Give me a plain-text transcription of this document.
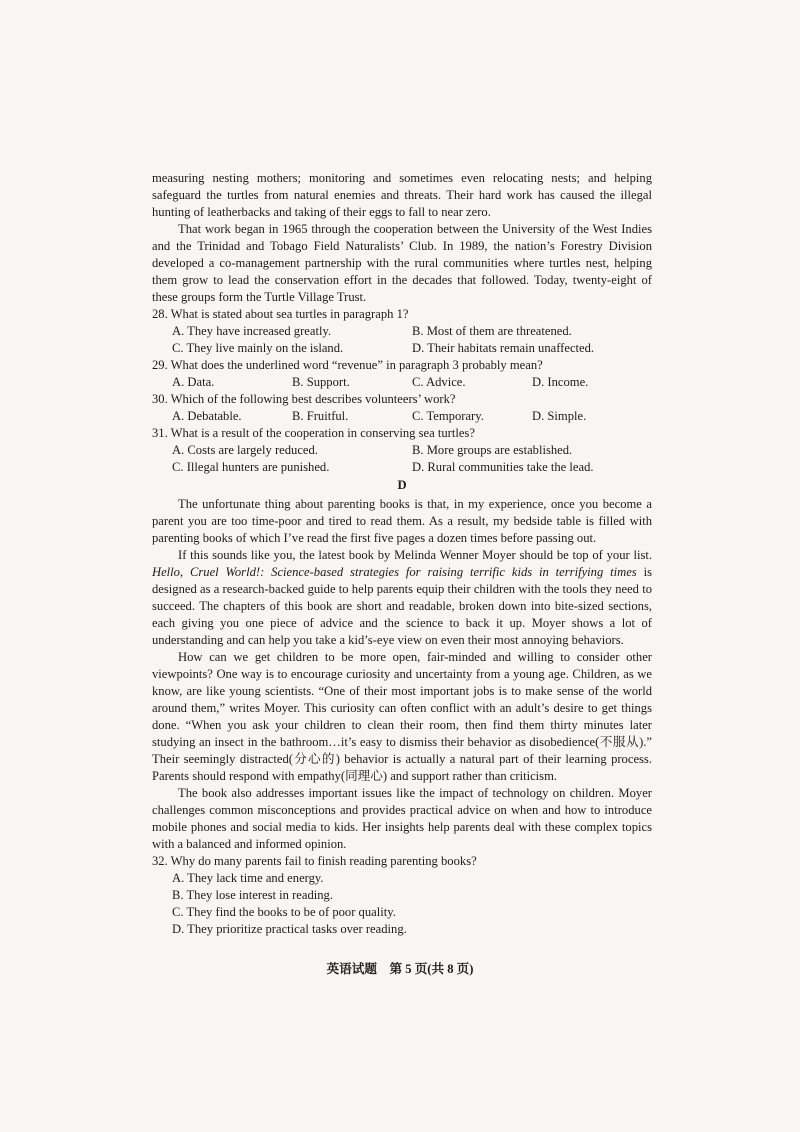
measuring nesting mothers; monitoring and sometimes even relocating nests; and helping safeguard the turtles from natural enemies and threats. Their hard work has caused the illegal hunting of leatherbacks and taking of their eggs to fall to near zero.

That work began in 1965 through the cooperation between the University of the West Indies and the Trinidad and Tobago Field Naturalists’ Club. In 1989, the nation’s Forestry Division developed a co-management partnership with the rural communities where turtles nest, helping them grow to lead the conservation effort in the decades that followed. Today, twenty-eight of these groups form the Turtle Village Trust.

28. What is stated about sea turtles in paragraph 1?
A. They have increased greatly.	B. Most of them are threatened.
C. They live mainly on the island.	D. Their habitats remain unaffected.
29. What does the underlined word “revenue” in paragraph 3 probably mean?
A. Data.	B. Support.	C. Advice.	D. Income.
30. Which of the following best describes volunteers’ work?
A. Debatable.	B. Fruitful.	C. Temporary.	D. Simple.
31. What is a result of the cooperation in conserving sea turtles?
A. Costs are largely reduced.	B. More groups are established.
C. Illegal hunters are punished.	D. Rural communities take the lead.
D

The unfortunate thing about parenting books is that, in my experience, once you become a parent you are too time-poor and tired to read them. As a result, my bedside table is filled with parenting books of which I’ve read the first five pages a dozen times before passing out.

If this sounds like you, the latest book by Melinda Wenner Moyer should be top of your list. Hello, Cruel World!: Science-based strategies for raising terrific kids in terrifying times is designed as a research-backed guide to help parents equip their children with the tools they need to succeed. The chapters of this book are short and readable, broken down into bite-sized sections, each giving you one piece of advice and the science to back it up. Moyer shows a lot of understanding and can help you take a kid’s-eye view on even their most annoying behaviors.

How can we get children to be more open, fair-minded and willing to consider other viewpoints? One way is to encourage curiosity and uncertainty from a young age. Children, as we know, are like young scientists. “One of their most important jobs is to make sense of the world around them,” writes Moyer. This curiosity can often conflict with an adult’s desire to get things done. “When you ask your children to clean their room, then find them thirty minutes later studying an insect in the bathroom…it’s easy to dismiss their behavior as disobedience(不服从).” Their seemingly distracted(分心的) behavior is actually a natural part of their learning process. Parents should respond with empathy(同理心) and support rather than criticism.

The book also addresses important issues like the impact of technology on children. Moyer challenges common misconceptions and provides practical advice on when and how to introduce mobile phones and social media to kids. Her insights help parents deal with these complex topics with a balanced and informed opinion.

32. Why do many parents fail to finish reading parenting books?
A. They lack time and energy.
B. They lose interest in reading.
C. They find the books to be of poor quality.
D. They prioritize practical tasks over reading.
英语试题　第 5 页(共 8 页)
